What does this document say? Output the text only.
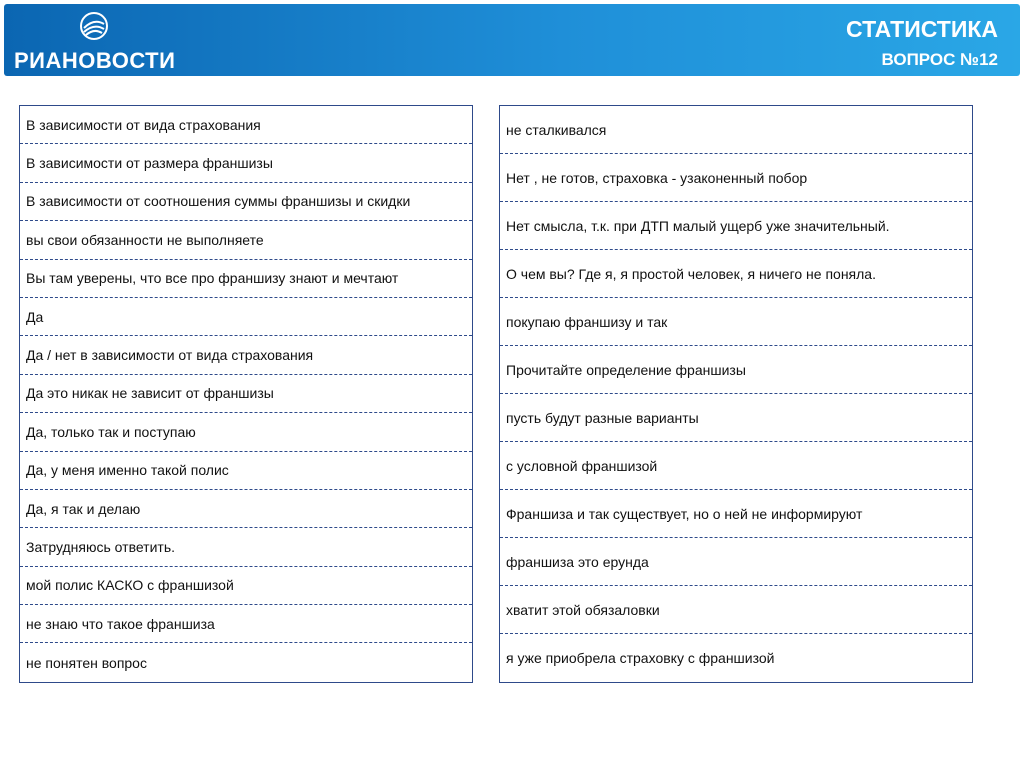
РИАНОВОСТИ
СТАТИСТИКА
ВОПРОС №12
В зависимости от вида страхования
В зависимости от размера франшизы
В зависимости от соотношения суммы франшизы и скидки
вы свои обязанности не выполняете
Вы там уверены, что все про франшизу знают и мечтают
Да
Да / нет в зависимости от вида страхования
Да это никак не зависит от франшизы
Да, только так и поступаю
Да, у меня именно такой полис
Да, я так и делаю
Затрудняюсь ответить.
мой полис КАСКО с франшизой
не знаю что такое франшиза
не понятен вопрос
не сталкивался
Нет , не готов, страховка - узаконенный побор
Нет смысла, т.к. при ДТП малый ущерб уже значительный.
О чем вы? Где я, я простой человек, я ничего не поняла.
покупаю франшизу и так
Прочитайте определение франшизы
пусть будут разные варианты
с условной франшизой
Франшиза и так существует, но о ней не информируют
франшиза это ерунда
хватит этой обязаловки
я уже приобрела страховку с франшизой
